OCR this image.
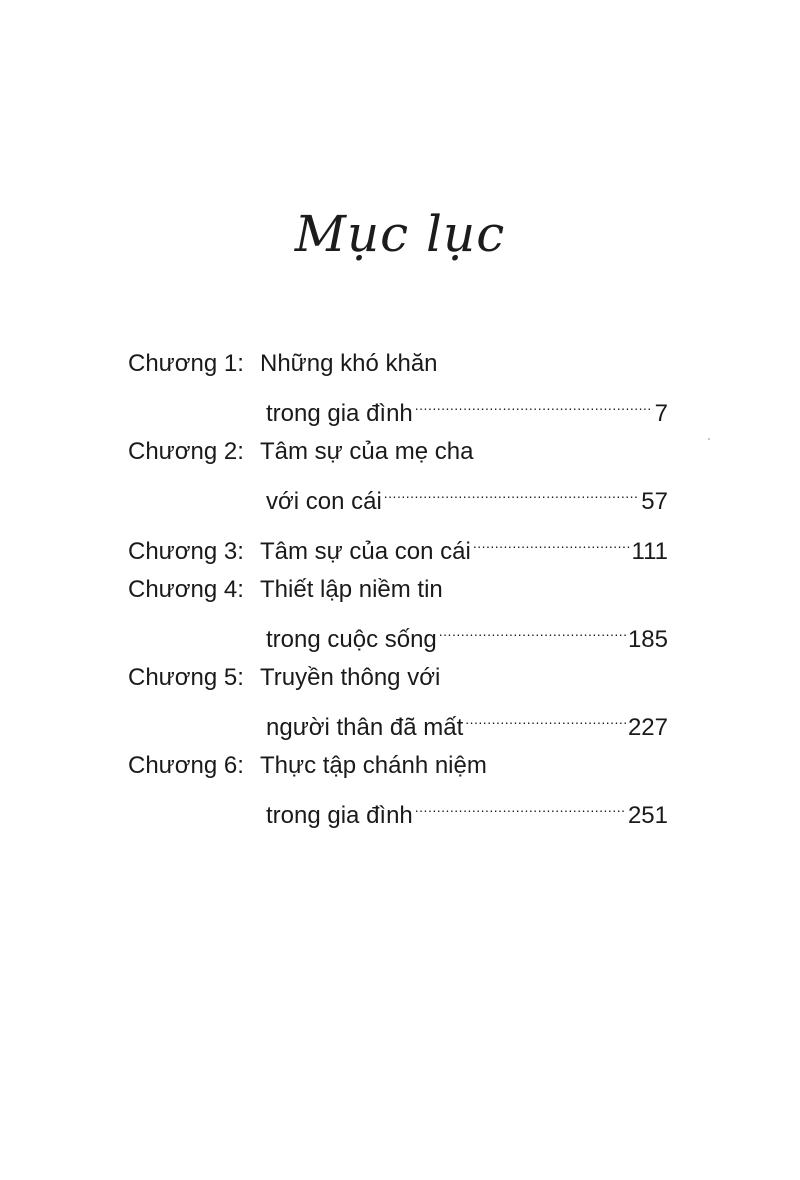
Mục lục
Chương 1: Những khó khăn
trong gia đình .....	7
Chương 2: Tâm sự của mẹ cha
với con cái .....	57
Chương 3: Tâm sự của con cái .....	111
Chương 4: Thiết lập niềm tin
trong cuộc sống .....	185
Chương 5: Truyền thông với
người thân đã mất .....	227
Chương 6: Thực tập chánh niệm
trong gia đình .....	251
